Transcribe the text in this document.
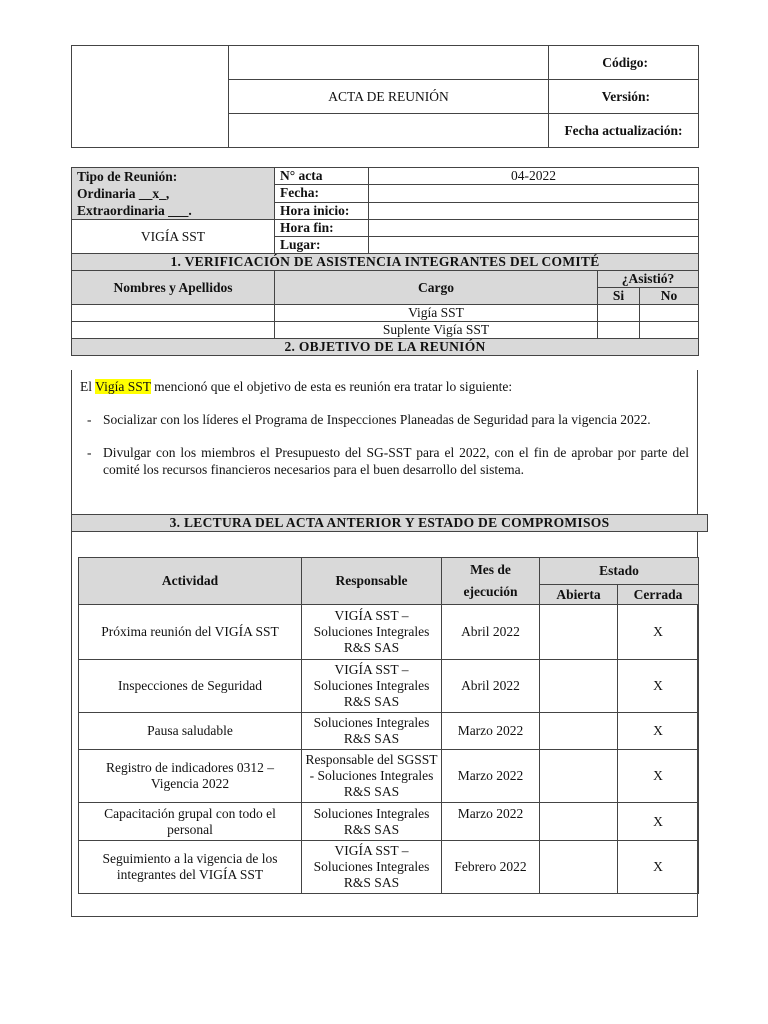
		Código:
	ACTA DE REUNIÓN	Versión:
		Fecha actualización:
Tipo de Reunión:
Ordinaria __x_,
Extraordinaria ___.	N° acta	04-2022		
	Fecha:			
	Hora inicio:			
VIGÍA SST	Hora fin:			
	Lugar:			
1. VERIFICACIÓN DE ASISTENCIA INTEGRANTES DEL COMITÉ				
Nombres y Apellidos	Cargo		¿Asistió?	
			Si	No
	Vigía SST			
	Suplente Vigía SST			
2. OBJETIVO DE LA REUNIÓN				

El Vigía SST mencionó que el objetivo de esta es reunión era tratar lo siguiente:

- Socializar con los líderes el Programa de Inspecciones Planeadas de Seguridad para la vigencia 2022.
- Divulgar con los miembros el Presupuesto del SG-SST para el 2022, con el fin de aprobar por parte del comité los recursos financieros necesarios para el buen desarrollo del sistema.
3. LECTURA DEL ACTA ANTERIOR Y ESTADO DE COMPROMISOS
Actividad	Responsable	Mes de ejecución	Estado	
			Abierta	Cerrada
Próxima reunión del VIGÍA SST	VIGÍA SST – Soluciones Integrales R&S SAS	Abril 2022		X
Inspecciones de Seguridad	VIGÍA SST – Soluciones Integrales R&S SAS	Abril 2022		X
Pausa saludable	Soluciones Integrales R&S SAS	Marzo 2022		X
Registro de indicadores 0312 – Vigencia 2022	Responsable del SGSST - Soluciones Integrales R&S SAS	Marzo 2022		X
Capacitación grupal con todo el personal	Soluciones Integrales R&S SAS	Marzo 2022		X
Seguimiento a la vigencia de los integrantes del VIGÍA SST	VIGÍA SST – Soluciones Integrales R&S SAS	Febrero 2022		X
